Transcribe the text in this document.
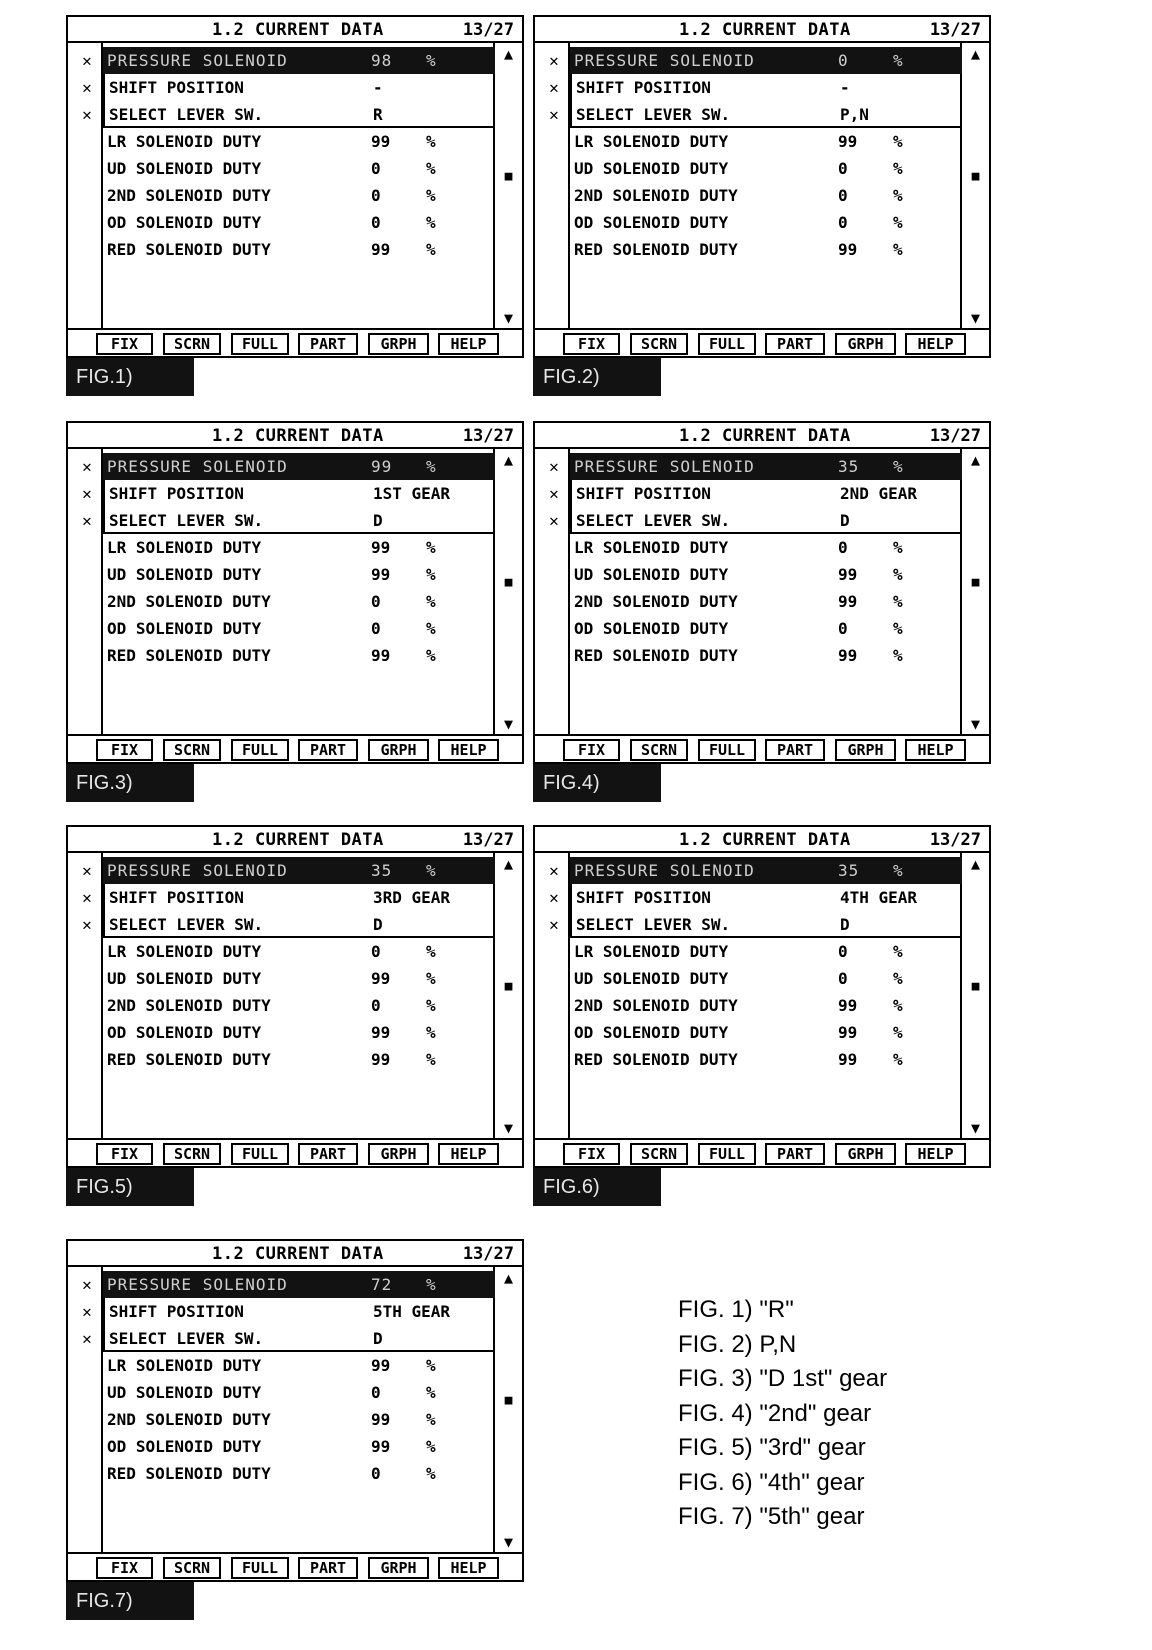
1.2 CURRENT DATA	13/27
✕
✕
✕
PRESSURE SOLENOID	98 %
SHIFT POSITION	-
SELECT LEVER SW.	R
LR SOLENOID DUTY	99 %
UD SOLENOID DUTY	0	%
2ND SOLENOID DUTY	0	%
OD SOLENOID DUTY	0	%
RED SOLENOID DUTY	99 %
▲
■
▼
FIX	SCRN	FULL	PART	GRPH	HELP
FIG.1)
1.2 CURRENT DATA	13/27
✕
✕
✕
PRESSURE SOLENOID	0	%
SHIFT POSITION	-
SELECT LEVER SW.	P,N
LR SOLENOID DUTY	99 %
UD SOLENOID DUTY	0	%
2ND SOLENOID DUTY	0	%
OD SOLENOID DUTY	0	%
RED SOLENOID DUTY	99 %
▲
■
▼
FIX	SCRN	FULL	PART	GRPH	HELP
FIG.2)
1.2 CURRENT DATA	13/27
✕
✕
✕
PRESSURE SOLENOID	99 %
SHIFT POSITION	1ST GEAR
SELECT LEVER SW.	D
LR SOLENOID DUTY	99 %
UD SOLENOID DUTY	99 %
2ND SOLENOID DUTY	0	%
OD SOLENOID DUTY	0	%
RED SOLENOID DUTY	99 %
▲
■
▼
FIX	SCRN	FULL	PART	GRPH	HELP
FIG.3)
1.2 CURRENT DATA	13/27
✕
✕
✕
PRESSURE SOLENOID	35 %
SHIFT POSITION	2ND GEAR
SELECT LEVER SW.	D
LR SOLENOID DUTY	0	%
UD SOLENOID DUTY	99 %
2ND SOLENOID DUTY	99 %
OD SOLENOID DUTY	0	%
RED SOLENOID DUTY	99 %
▲
■
▼
FIX	SCRN	FULL	PART	GRPH	HELP
FIG.4)
1.2 CURRENT DATA	13/27
✕
✕
✕
PRESSURE SOLENOID	35 %
SHIFT POSITION	3RD GEAR
SELECT LEVER SW.	D
LR SOLENOID DUTY	0	%
UD SOLENOID DUTY	99 %
2ND SOLENOID DUTY	0	%
OD SOLENOID DUTY	99 %
RED SOLENOID DUTY	99 %
▲
■
▼
FIX	SCRN	FULL	PART	GRPH	HELP
FIG.5)
1.2 CURRENT DATA	13/27
✕
✕
✕
PRESSURE SOLENOID	35 %
SHIFT POSITION	4TH GEAR
SELECT LEVER SW.	D
LR SOLENOID DUTY	0	%
UD SOLENOID DUTY	0	%
2ND SOLENOID DUTY	99 %
OD SOLENOID DUTY	99 %
RED SOLENOID DUTY	99 %
▲
■
▼
FIX	SCRN	FULL	PART	GRPH	HELP
FIG.6)
1.2 CURRENT DATA	13/27
✕
✕
✕
PRESSURE SOLENOID	72 %
SHIFT POSITION	5TH GEAR
SELECT LEVER SW.	D
LR SOLENOID DUTY	99 %
UD SOLENOID DUTY	0	%
2ND SOLENOID DUTY	99 %
OD SOLENOID DUTY	99 %
RED SOLENOID DUTY	0	%
▲
■
▼
FIX	SCRN	FULL	PART	GRPH	HELP
FIG.7)
FIG. 1) "R"
FIG. 2) P,N
FIG. 3) "D 1st" gear
FIG. 4) "2nd" gear
FIG. 5) "3rd" gear
FIG. 6) "4th" gear
FIG. 7) "5th" gear
